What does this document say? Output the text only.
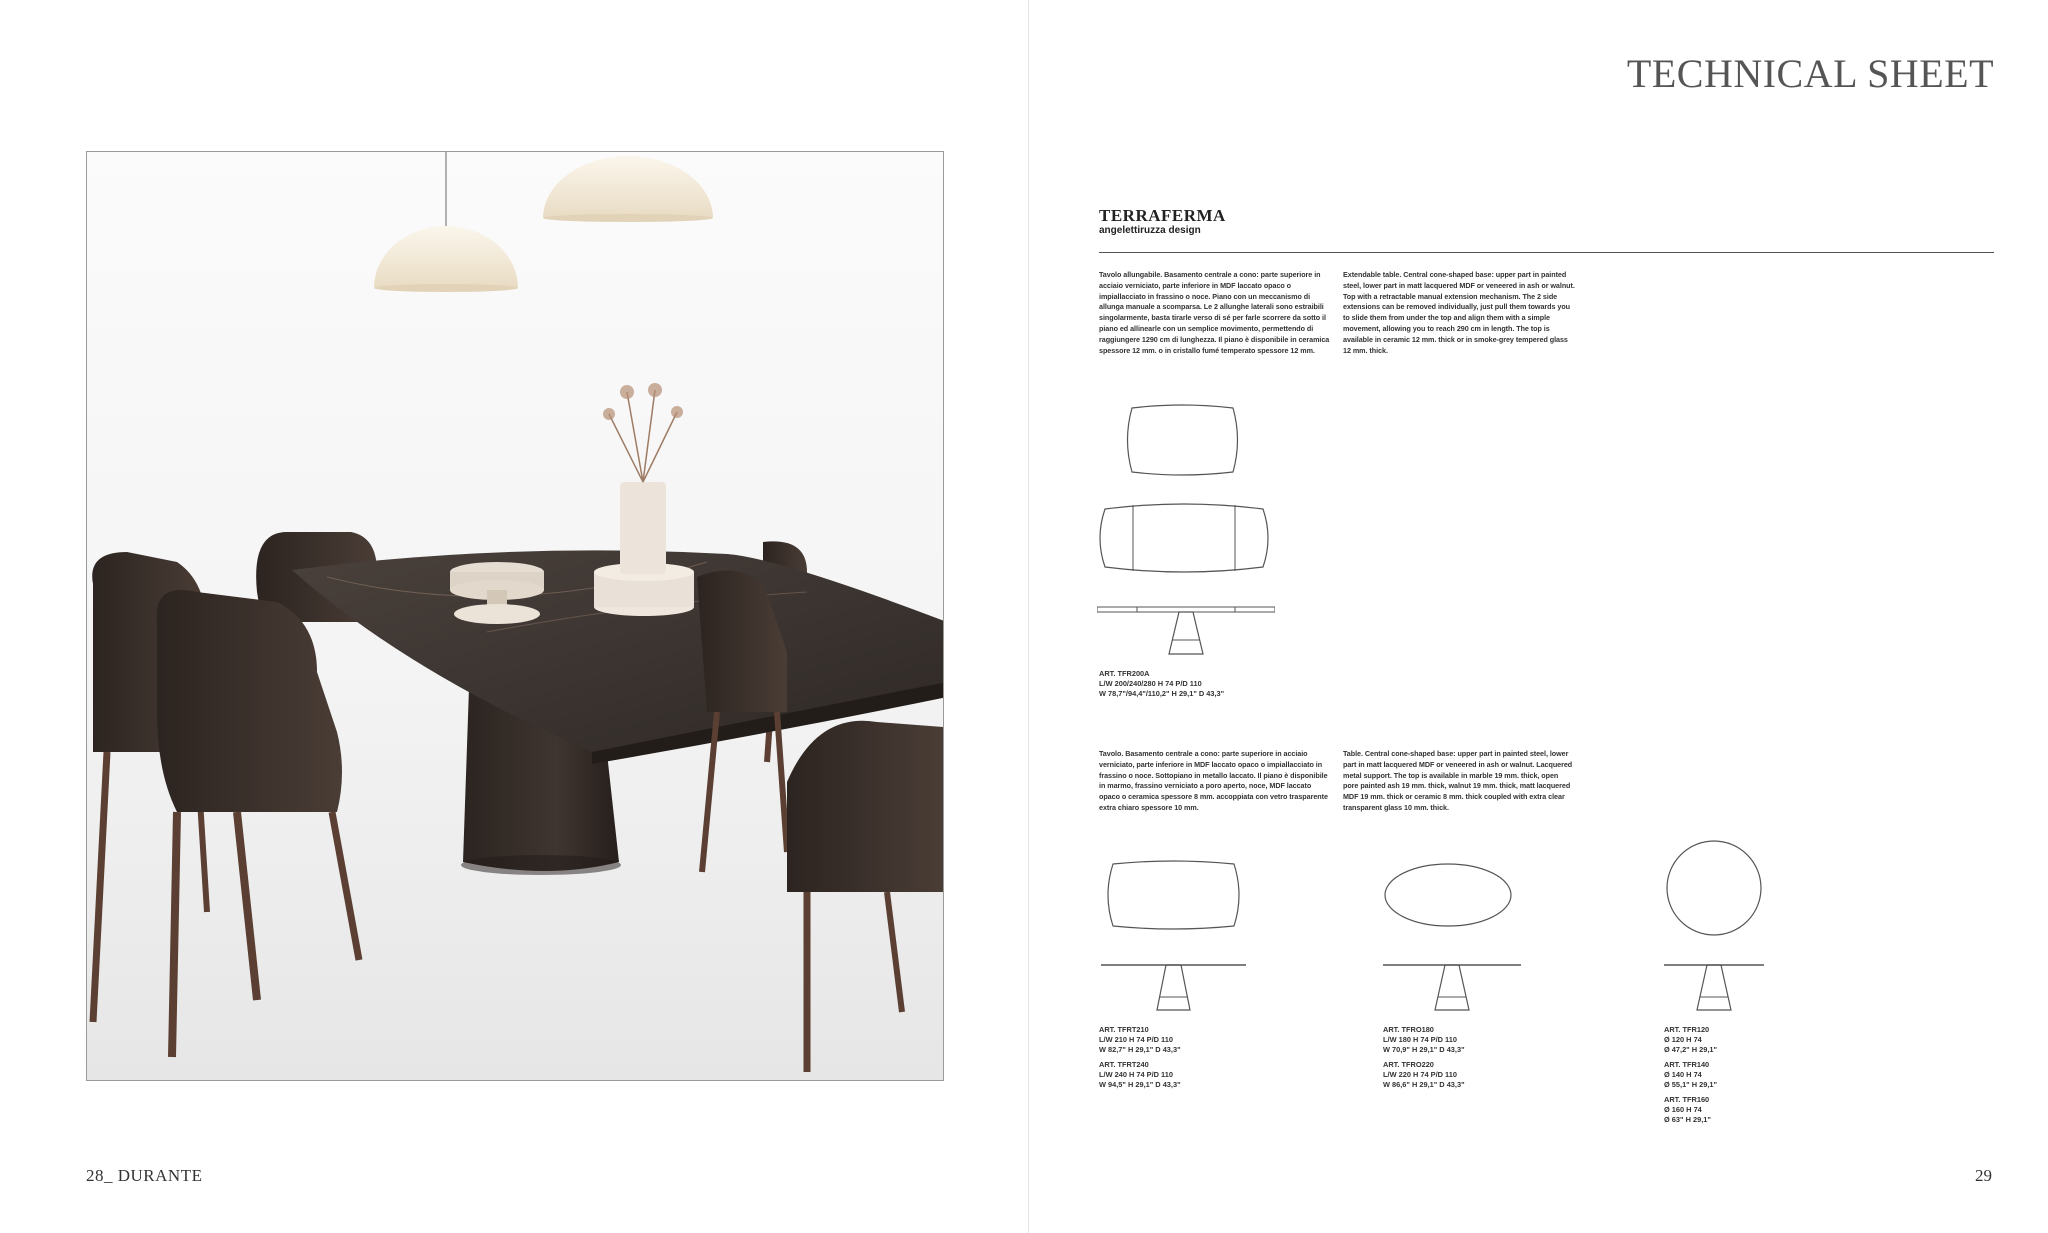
28_ DURANTE
TECHNICAL SHEET
TERRAFERMA
angelettiruzza design
Tavolo allungabile. Basamento centrale a cono: parte superiore in acciaio verniciato, parte inferiore in MDF laccato opaco o impiallacciato in frassino o noce. Piano con un meccanismo di allunga manuale a scomparsa. Le 2 allunghe laterali sono estraibili singolarmente, basta tirarle verso di sé per farle scorrere da sotto il piano ed allinearle con un semplice movimento, permettendo di raggiungere 1290 cm di lunghezza. Il piano è disponibile in ceramica spessore 12 mm. o in cristallo fumé temperato spessore 12 mm.
Extendable table. Central cone-shaped base: upper part in painted steel, lower part in matt lacquered MDF or veneered in ash or walnut. Top with a retractable manual extension mechanism. The 2 side extensions can be removed individually, just pull them towards you to slide them from under the top and align them with a simple movement, allowing you to reach 290 cm in length. The top is available in ceramic 12 mm. thick or in smoke-grey tempered glass 12 mm. thick.
ART. TFR200A
L/W 200/240/280 H 74 P/D 110
W 78,7"/94,4"/110,2" H 29,1" D 43,3"
Tavolo. Basamento centrale a cono: parte superiore in acciaio verniciato, parte inferiore in MDF laccato opaco o impiallacciato in frassino o noce. Sottopiano in metallo laccato. Il piano è disponibile in marmo, frassino verniciato a poro aperto, noce, MDF laccato opaco o ceramica spessore 8 mm. accoppiata con vetro trasparente extra chiaro spessore 10 mm.
Table. Central cone-shaped base: upper part in painted steel, lower part in matt lacquered MDF or veneered in ash or walnut. Lacquered metal support. The top is available in marble 19 mm. thick, open pore painted ash 19 mm. thick, walnut 19 mm. thick, matt lacquered MDF 19 mm. thick or ceramic 8 mm. thick coupled with extra clear transparent glass 10 mm. thick.
ART. TFRT210
L/W 210 H 74 P/D 110
W 82,7" H 29,1" D 43,3"
ART. TFRT240
L/W 240 H 74 P/D 110
W 94,5" H 29,1" D 43,3"
ART. TFRO180
L/W 180 H 74 P/D 110
W 70,9" H 29,1" D 43,3"
ART. TFRO220
L/W 220 H 74 P/D 110
W 86,6" H 29,1" D 43,3"
ART. TFR120
Ø 120 H 74
Ø 47,2" H 29,1"
ART. TFR140
Ø 140 H 74
Ø 55,1" H 29,1"
ART. TFR160
Ø 160 H 74
Ø 63" H 29,1"
29
